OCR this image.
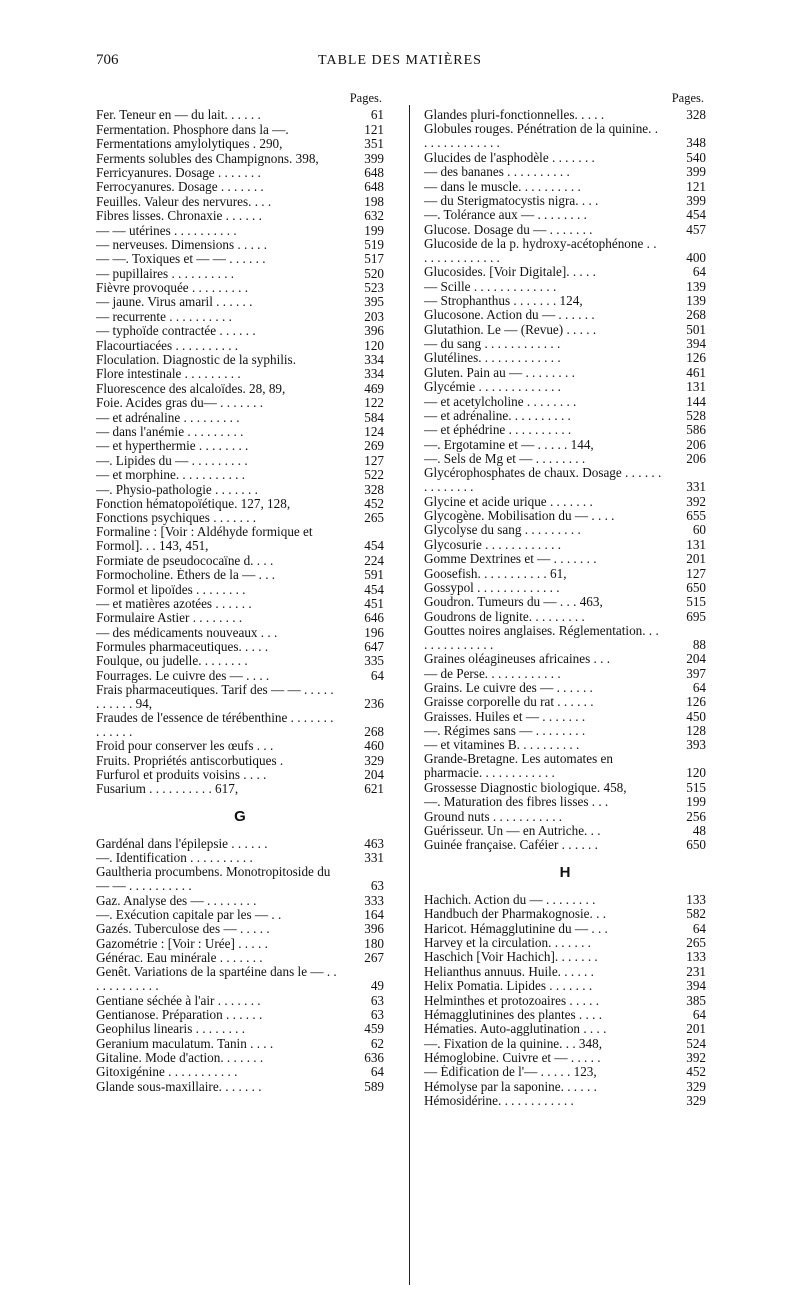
706	TABLE DES MATIÈRES
Pages.
Fer. Teneur en — du lait. . . . . .	61
Fermentation. Phosphore dans la —.	121
Fermentations amylolytiques . 290,	351
Ferments solubles des Champignons. 398,	399
Ferricyanures. Dosage . . . . . . .	648
Ferrocyanures. Dosage . . . . . . .	648
Feuilles. Valeur des nervures. . . .	198
Fibres lisses. Chronaxie . . . . . .	632
— — utérines . . . . . . . . . .	199
— nerveuses. Dimensions . . . . .	519
— —. Toxiques et — — . . . . . .	517
— pupillaires . . . . . . . . . .	520
Fièvre provoquée . . . . . . . . .	523
— jaune. Virus amaril . . . . . .	395
— recurrente . . . . . . . . . .	203
— typhoïde contractée . . . . . .	396
Flacourtiacées . . . . . . . . . .	120
Floculation. Diagnostic de la syphilis.	334
Flore intestinale . . . . . . . . .	334
Fluorescence des alcaloïdes. 28, 89,	469
Foie. Acides gras du— . . . . . . .	122
— et adrénaline . . . . . . . . .	584
— dans l'anémie . . . . . . . . .	124
— et hyperthermie . . . . . . . .	269
—. Lipides du — . . . . . . . . .	127
— et morphine. . . . . . . . . . .	522
—. Physio-pathologie . . . . . . .	328
Fonction hématopoïétique. 127, 128,	452
Fonctions psychiques . . . . . . .	265
Formaline : [Voir : Aldéhyde formique et Formol]. . . 143, 451,	454
Formiate de pseudococaïne d. . . .	224
Formocholine. Éthers de la — . . .	591
Formol et lipoïdes . . . . . . . .	454
— et matières azotées . . . . . .	451
Formulaire Astier . . . . . . . .	646
— des médicaments nouveaux . . .	196
Formules pharmaceutiques. . . . .	647
Foulque, ou judelle. . . . . . . .	335
Fourrages. Le cuivre des — . . . .	64
Frais pharmaceutiques. Tarif des — — . . . . . . . . . . . 94,	236
Fraudes de l'essence de térébenthine . . . . . . . . . . . . .	268
Froid pour conserver les œufs . . .	460
Fruits. Propriétés antiscorbutiques .	329
Furfurol et produits voisins . . . .	204
Fusarium . . . . . . . . . . 617,	621
G
Gardénal dans l'épilepsie . . . . . .	463
—. Identification . . . . . . . . . .	331
Gaultheria procumbens. Monotropitoside du — — . . . . . . . . . .	63
Gaz. Analyse des — . . . . . . . .	333
—. Exécution capitale par les — . .	164
Gazés. Tuberculose des — . . . . .	396
Gazométrie : [Voir : Urée] . . . . .	180
Générac. Eau minérale . . . . . . .	267
Genêt. Variations de la spartéine dans le — . . . . . . . . . . . .	49
Gentiane séchée à l'air . . . . . . .	63
Gentianose. Préparation . . . . . .	63
Geophilus linearis . . . . . . . .	459
Geranium maculatum. Tanin . . . .	62
Gitaline. Mode d'action. . . . . . .	636
Gitoxigénine . . . . . . . . . . .	64
Glande sous-maxillaire. . . . . . .	589
Pages.
Glandes pluri-fonctionnelles. . . . .	328
Globules rouges. Pénétration de la quinine. . . . . . . . . . . . . .	348
Glucides de l'asphodèle . . . . . . .	540
— des bananes . . . . . . . . . .	399
— dans le muscle. . . . . . . . . .	121
— du Sterigmatocystis nigra. . . .	399
—. Tolérance aux — . . . . . . . .	454
Glucose. Dosage du — . . . . . . .	457
Glucoside de la p. hydroxy-acétophénone . . . . . . . . . . . . . .	400
Glucosides. [Voir Digitale]. . . . .	64
— Scille . . . . . . . . . . . . .	139
— Strophanthus . . . . . . . 124,	139
Glucosone. Action du — . . . . . .	268
Glutathion. Le — (Revue) . . . . .	501
— du sang . . . . . . . . . . . .	394
Glutélines. . . . . . . . . . . . .	126
Gluten. Pain au — . . . . . . . .	461
Glycémie . . . . . . . . . . . . .	131
— et acetylcholine . . . . . . . .	144
— et adrénaline. . . . . . . . . .	528
— et éphédrine . . . . . . . . . .	586
—. Ergotamine et — . . . . . 144,	206
—. Sels de Mg et — . . . . . . . .	206
Glycérophosphates de chaux. Dosage . . . . . . . . . . . . . .	331
Glycine et acide urique . . . . . . .	392
Glycogène. Mobilisation du — . . . .	655
Glycolyse du sang . . . . . . . . .	60
Glycosurie . . . . . . . . . . . .	131
Gomme Dextrines et — . . . . . . .	201
Goosefish. . . . . . . . . . . 61,	127
Gossypol . . . . . . . . . . . . .	650
Goudron. Tumeurs du — . . . 463,	515
Goudrons de lignite. . . . . . . . .	695
Gouttes noires anglaises. Réglementation. . . . . . . . . . . . . .	88
Graines oléagineuses africaines . . .	204
— de Perse. . . . . . . . . . . .	397
Grains. Le cuivre des — . . . . . .	64
Graisse corporelle du rat . . . . . .	126
Graisses. Huiles et — . . . . . . .	450
—. Régimes sans — . . . . . . . .	128
— et vitamines B. . . . . . . . . .	393
Grande-Bretagne. Les automates en pharmacie. . . . . . . . . . . .	120
Grossesse Diagnostic biologique. 458,	515
—. Maturation des fibres lisses . . .	199
Ground nuts . . . . . . . . . . .	256
Guérisseur. Un — en Autriche. . .	48
Guinée française. Caféier . . . . . .	650
H
Hachich. Action du — . . . . . . . .	133
Handbuch der Pharmakognosie. . .	582
Haricot. Hémagglutinine du — . . .	64
Harvey et la circulation. . . . . . .	265
Haschich [Voir Hachich]. . . . . . .	133
Helianthus annuus. Huile. . . . . .	231
Helix Pomatia. Lipides . . . . . . .	394
Helminthes et protozoaires . . . . .	385
Hémagglutinines des plantes . . . .	64
Hématies. Auto-agglutination . . . .	201
—. Fixation de la quinine. . . 348,	524
Hémoglobine. Cuivre et — . . . . .	392
— Édification de l'— . . . . . 123,	452
Hémolyse par la saponine. . . . . .	329
Hémosidérine. . . . . . . . . . . .	329
